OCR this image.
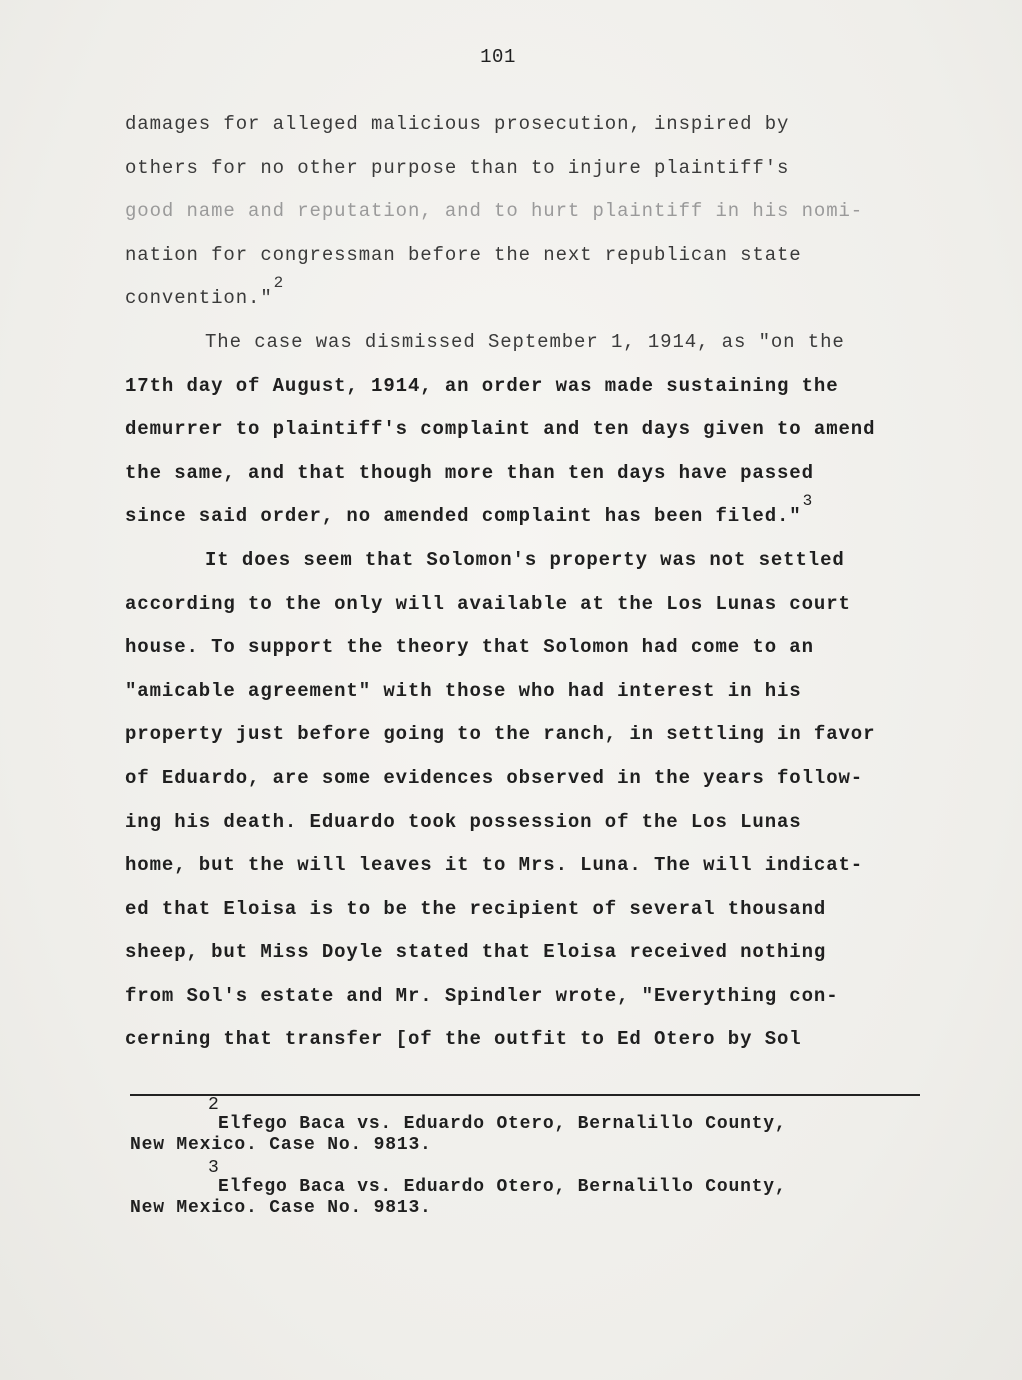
101
damages for alleged malicious prosecution, inspired by
others for no other purpose than to injure plaintiff's
good name and reputation, and to hurt plaintiff in his nomi-
nation for congressman before the next republican state
convention."$^2$
The case was dismissed September 1, 1914, as "on the
17th day of August, 1914, an order was made sustaining the
demurrer to plaintiff's complaint and ten days given to amend
the same, and that though more than ten days have passed
since said order, no amended complaint has been filed."$^3$
It does seem that Solomon's property was not settled
according to the only will available at the Los Lunas court
house. To support the theory that Solomon had come to an
"amicable agreement" with those who had interest in his
property just before going to the ranch, in settling in favor
of Eduardo, are some evidences observed in the years follow-
ing his death. Eduardo took possession of the Los Lunas
home, but the will leaves it to Mrs. Luna. The will indicat-
ed that Eloisa is to be the recipient of several thousand
sheep, but Miss Doyle stated that Eloisa received nothing
from Sol's estate and Mr. Spindler wrote, "Everything con-
cerning that transfer [of the outfit to Ed Otero by Sol
2
Elfego Baca vs. Eduardo Otero, Bernalillo County,
New Mexico. Case No. 9813.
3
Elfego Baca vs. Eduardo Otero, Bernalillo County,
New Mexico. Case No. 9813.
